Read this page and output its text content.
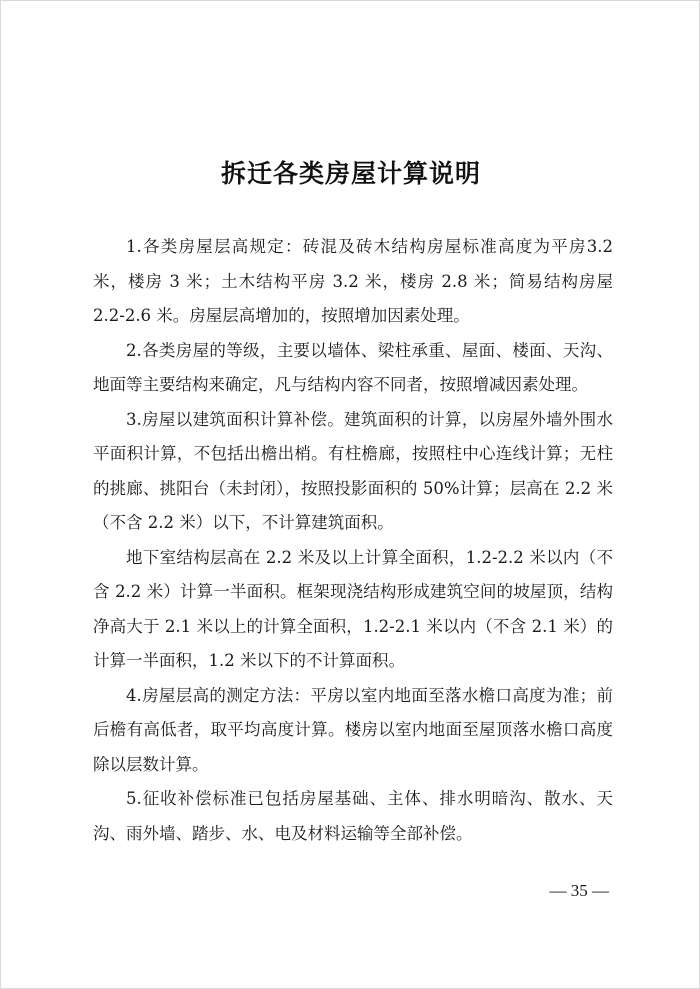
拆迁各类房屋计算说明

1.各类房屋层高规定：砖混及砖木结构房屋标准高度为平房3.2 米，楼房 3 米；土木结构平房 3.2 米，楼房 2.8 米；简易结构房屋 2.2-2.6 米。房屋层高增加的，按照增加因素处理。

2.各类房屋的等级，主要以墙体、梁柱承重、屋面、楼面、天沟、地面等主要结构来确定，凡与结构内容不同者，按照增减因素处理。

3.房屋以建筑面积计算补偿。建筑面积的计算，以房屋外墙外围水平面积计算，不包括出檐出梢。有柱檐廊，按照柱中心连线计算；无柱的挑廊、挑阳台（未封闭），按照投影面积的 50%计算；层高在 2.2 米（不含 2.2 米）以下，不计算建筑面积。

地下室结构层高在 2.2 米及以上计算全面积，1.2-2.2 米以内（不含 2.2 米）计算一半面积。框架现浇结构形成建筑空间的坡屋顶，结构净高大于 2.1 米以上的计算全面积，1.2-2.1 米以内（不含 2.1 米）的计算一半面积，1.2 米以下的不计算面积。

4.房屋层高的测定方法：平房以室内地面至落水檐口高度为准；前后檐有高低者，取平均高度计算。楼房以室内地面至屋顶落水檐口高度除以层数计算。

5.征收补偿标准已包括房屋基础、主体、排水明暗沟、散水、天沟、雨外墙、踏步、水、电及材料运输等全部补偿。

— 35 —
